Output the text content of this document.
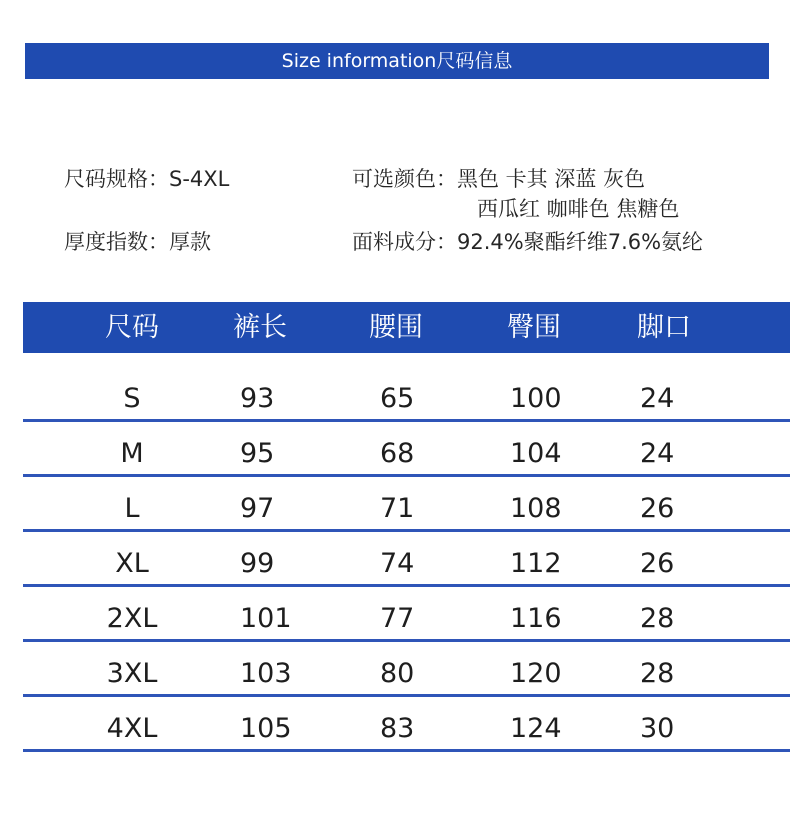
Size information尺码信息
尺码规格：S-4XL
厚度指数：厚款
可选颜色：黑色 卡其 深蓝 灰色
西瓜红 咖啡色 焦糖色
面料成分：92.4%聚酯纤维7.6%氨纶
尺码	裤长	腰围	臀围	脚口
S	93	65	100	24
M	95	68	104	24
L	97	71	108	26
XL	99	74	112	26
2XL	101	77	116	28
3XL	103	80	120	28
4XL	105	83	124	30
